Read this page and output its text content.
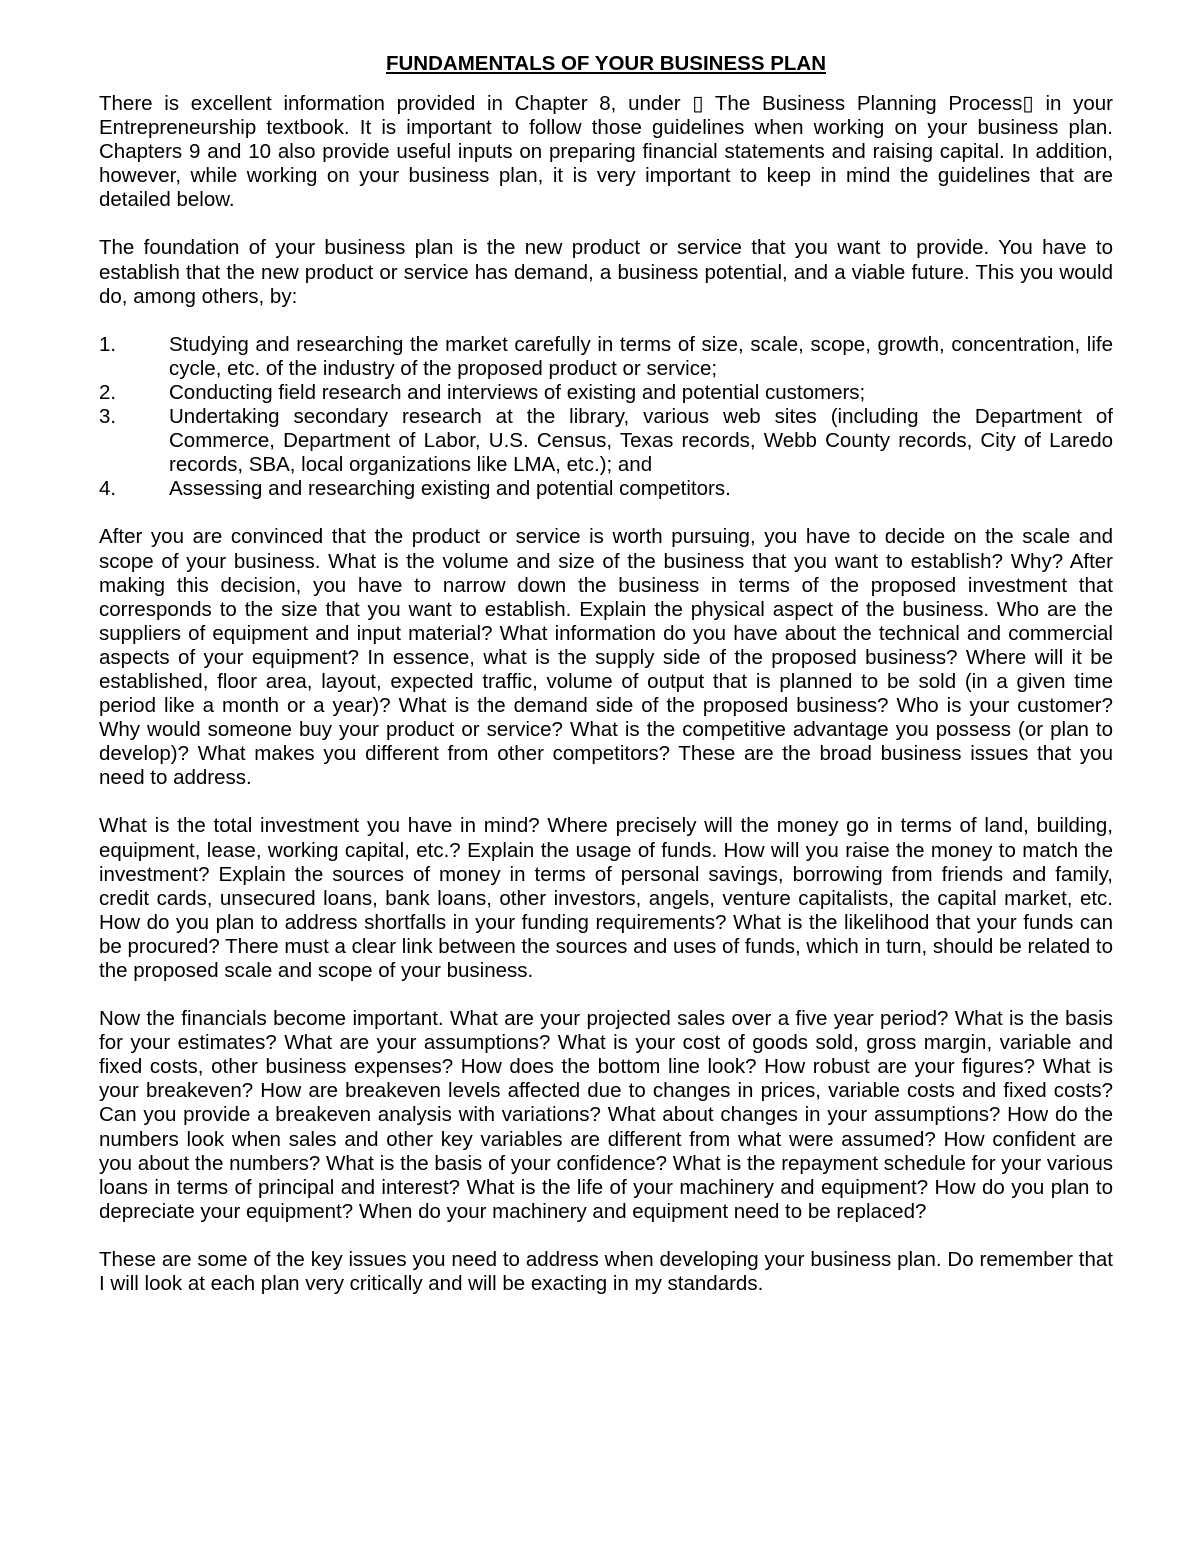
FUNDAMENTALS OF YOUR BUSINESS PLAN

There is excellent information provided in Chapter 8, under ▯ The Business Planning Process▯ in your Entrepreneurship textbook. It is important to follow those guidelines when working on your business plan. Chapters 9 and 10 also provide useful inputs on preparing financial statements and raising capital. In addition, however, while working on your business plan, it is very important to keep in mind the guidelines that are detailed below.

The foundation of your business plan is the new product or service that you want to provide. You have to establish that the new product or service has demand, a business potential, and a viable future. This you would do, among others, by:

1.	Studying and researching the market carefully in terms of size, scale, scope, growth, concentration, life cycle, etc. of the industry of the proposed product or service;
2.	Conducting field research and interviews of existing and potential customers;
3.	Undertaking secondary research at the library, various web sites (including the Department of Commerce, Department of Labor, U.S. Census, Texas records, Webb County records, City of Laredo records, SBA, local organizations like LMA, etc.); and
4.	Assessing and researching existing and potential competitors.

After you are convinced that the product or service is worth pursuing, you have to decide on the scale and scope of your business. What is the volume and size of the business that you want to establish? Why? After making this decision, you have to narrow down the business in terms of the proposed investment that corresponds to the size that you want to establish. Explain the physical aspect of the business. Who are the suppliers of equipment and input material? What information do you have about the technical and commercial aspects of your equipment? In essence, what is the supply side of the proposed business? Where will it be established, floor area, layout, expected traffic, volume of output that is planned to be sold (in a given time period like a month or a year)? What is the demand side of the proposed business? Who is your customer? Why would someone buy your product or service? What is the competitive advantage you possess (or plan to develop)? What makes you different from other competitors? These are the broad business issues that you need to address.

What is the total investment you have in mind? Where precisely will the money go in terms of land, building, equipment, lease, working capital, etc.? Explain the usage of funds. How will you raise the money to match the investment? Explain the sources of money in terms of personal savings, borrowing from friends and family, credit cards, unsecured loans, bank loans, other investors, angels, venture capitalists, the capital market, etc. How do you plan to address shortfalls in your funding requirements? What is the likelihood that your funds can be procured? There must a clear link between the sources and uses of funds, which in turn, should be related to the proposed scale and scope of your business.

Now the financials become important. What are your projected sales over a five year period? What is the basis for your estimates? What are your assumptions? What is your cost of goods sold, gross margin, variable and fixed costs, other business expenses? How does the bottom line look? How robust are your figures? What is your breakeven? How are breakeven levels affected due to changes in prices, variable costs and fixed costs? Can you provide a breakeven analysis with variations? What about changes in your assumptions? How do the numbers look when sales and other key variables are different from what were assumed? How confident are you about the numbers? What is the basis of your confidence? What is the repayment schedule for your various loans in terms of principal and interest? What is the life of your machinery and equipment? How do you plan to depreciate your equipment? When do your machinery and equipment need to be replaced?

These are some of the key issues you need to address when developing your business plan. Do remember that I will look at each plan very critically and will be exacting in my standards.
